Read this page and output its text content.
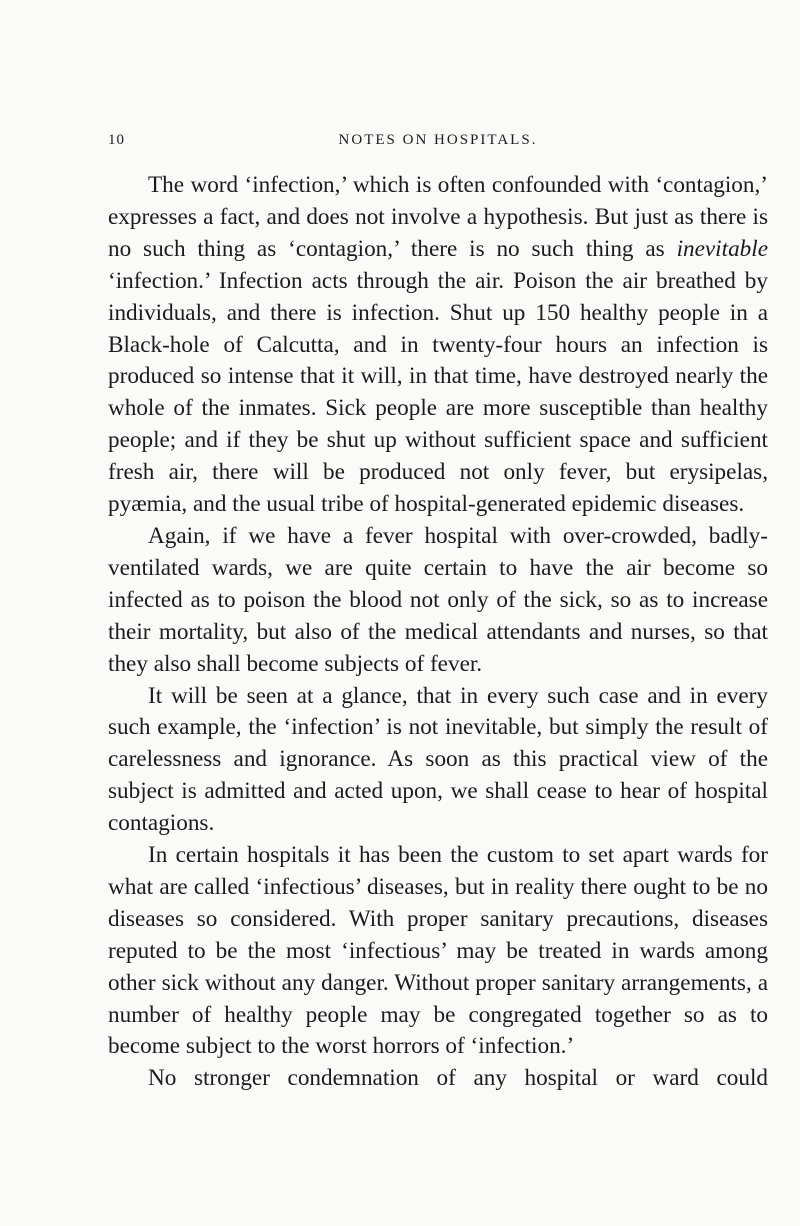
10	NOTES ON HOSPITALS.

The word ‘infection,’ which is often confounded with ‘contagion,’ expresses a fact, and does not involve a hypothesis. But just as there is no such thing as ‘contagion,’ there is no such thing as inevitable ‘infection.’ Infection acts through the air. Poison the air breathed by individuals, and there is infection. Shut up 150 healthy people in a Black-hole of Calcutta, and in twenty-four hours an infection is produced so intense that it will, in that time, have destroyed nearly the whole of the inmates. Sick people are more susceptible than healthy people; and if they be shut up without sufficient space and sufficient fresh air, there will be produced not only fever, but erysipelas, pyæmia, and the usual tribe of hospital-generated epidemic diseases.

Again, if we have a fever hospital with over-crowded, badly-ventilated wards, we are quite certain to have the air become so infected as to poison the blood not only of the sick, so as to increase their mortality, but also of the medical attendants and nurses, so that they also shall become subjects of fever.

It will be seen at a glance, that in every such case and in every such example, the ‘infection’ is not inevitable, but simply the result of carelessness and ignorance. As soon as this practical view of the subject is admitted and acted upon, we shall cease to hear of hospital contagions.

In certain hospitals it has been the custom to set apart wards for what are called ‘infectious’ diseases, but in reality there ought to be no diseases so considered. With proper sanitary precautions, diseases reputed to be the most ‘infectious’ may be treated in wards among other sick without any danger. Without proper sanitary arrangements, a number of healthy people may be congregated together so as to become subject to the worst horrors of ‘infection.’

No stronger condemnation of any hospital or ward could
